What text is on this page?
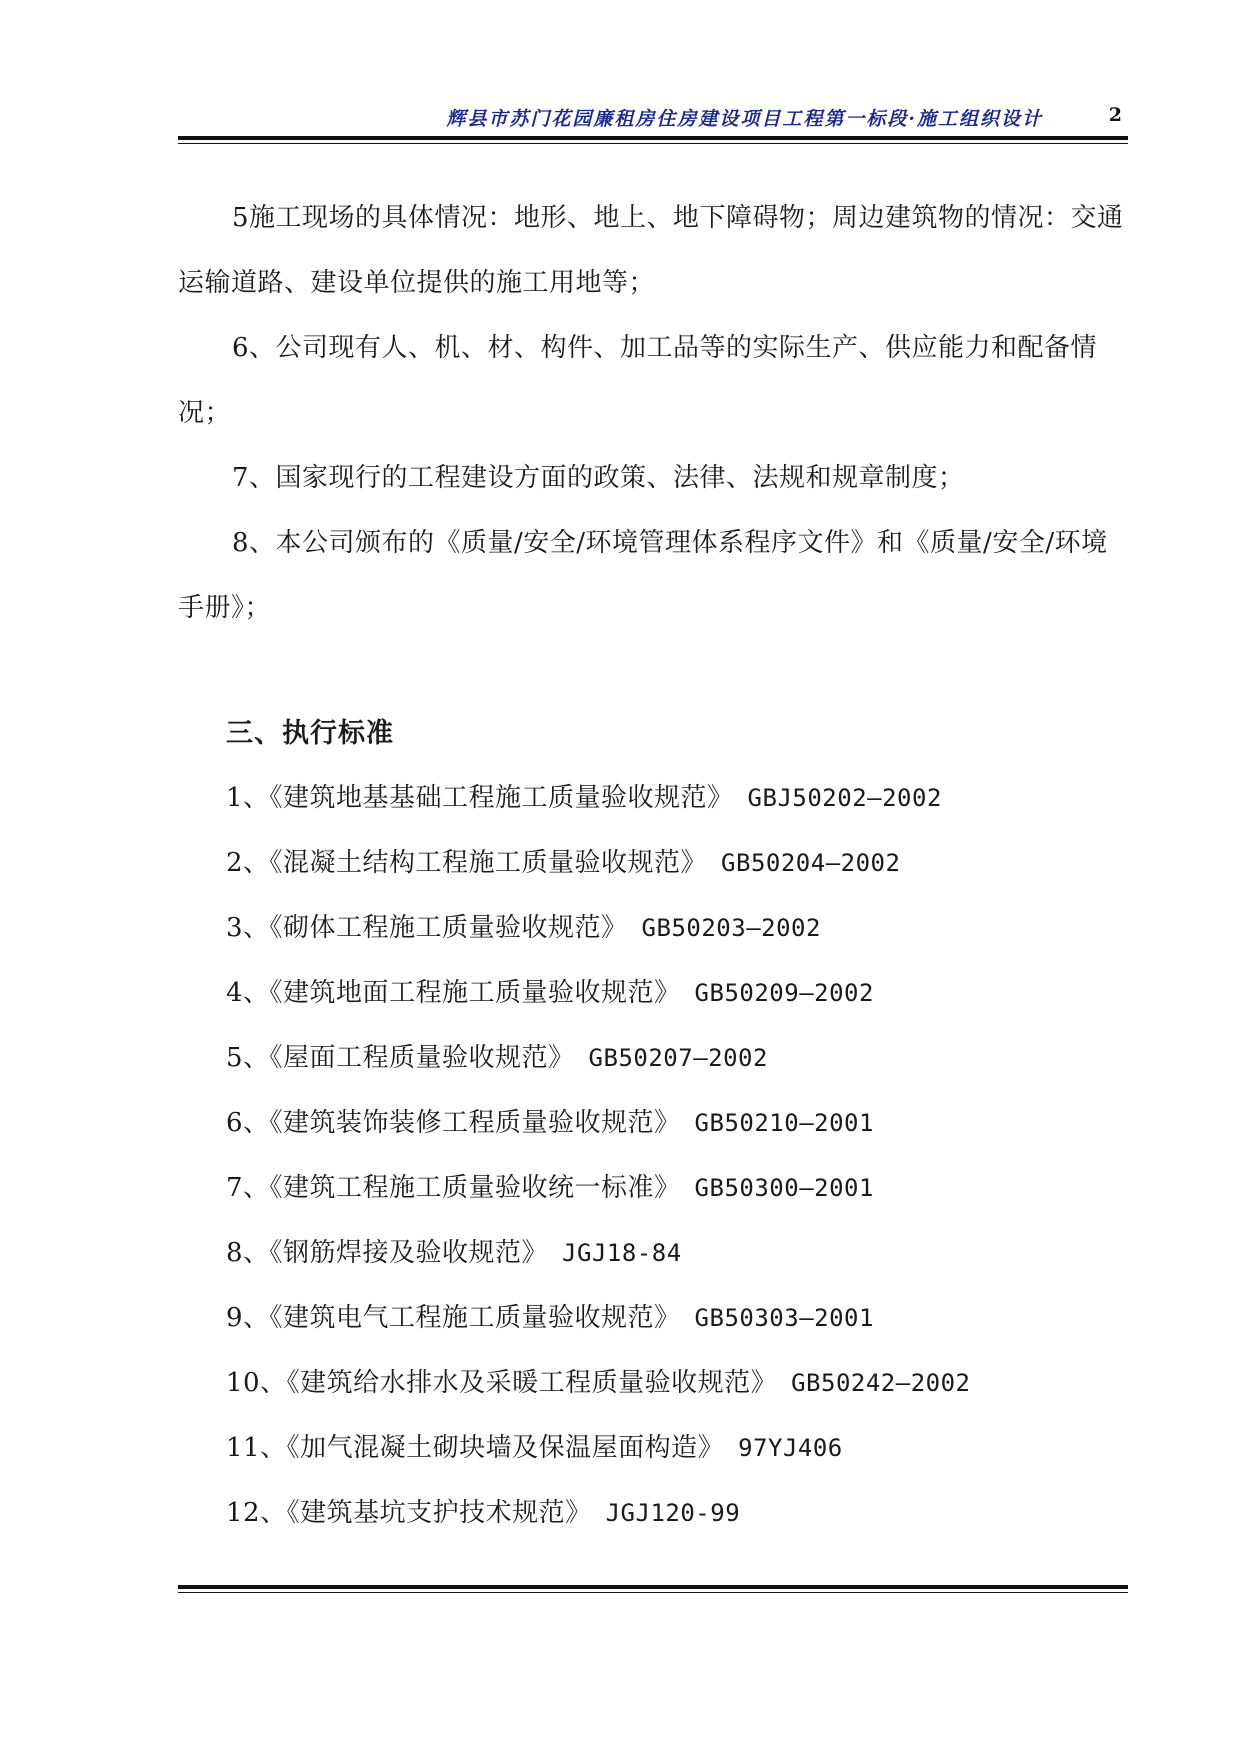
辉县市苏门花园廉租房住房建设项目工程第一标段·施工组织设计	2

5施工现场的具体情况：地形、地上、地下障碍物；周边建筑物的情况：交通运输道路、建设单位提供的施工用地等；

6、公司现有人、机、材、构件、加工品等的实际生产、供应能力和配备情况；

7、国家现行的工程建设方面的政策、法律、法规和规章制度；

8、本公司颁布的《质量/安全/环境管理体系程序文件》和《质量/安全/环境手册》；

三、执行标准
1、《建筑地基基础工程施工质量验收规范》 GBJ50202—2002
2、《混凝土结构工程施工质量验收规范》 GB50204—2002
3、《砌体工程施工质量验收规范》 GB50203—2002
4、《建筑地面工程施工质量验收规范》 GB50209—2002
5、《屋面工程质量验收规范》 GB50207—2002
6、《建筑装饰装修工程质量验收规范》 GB50210—2001
7、《建筑工程施工质量验收统一标准》 GB50300—2001
8、《钢筋焊接及验收规范》 JGJ18-84
9、《建筑电气工程施工质量验收规范》 GB50303—2001
10、《建筑给水排水及采暖工程质量验收规范》 GB50242—2002
11、《加气混凝土砌块墙及保温屋面构造》 97YJ406
12、《建筑基坑支护技术规范》 JGJ120-99
